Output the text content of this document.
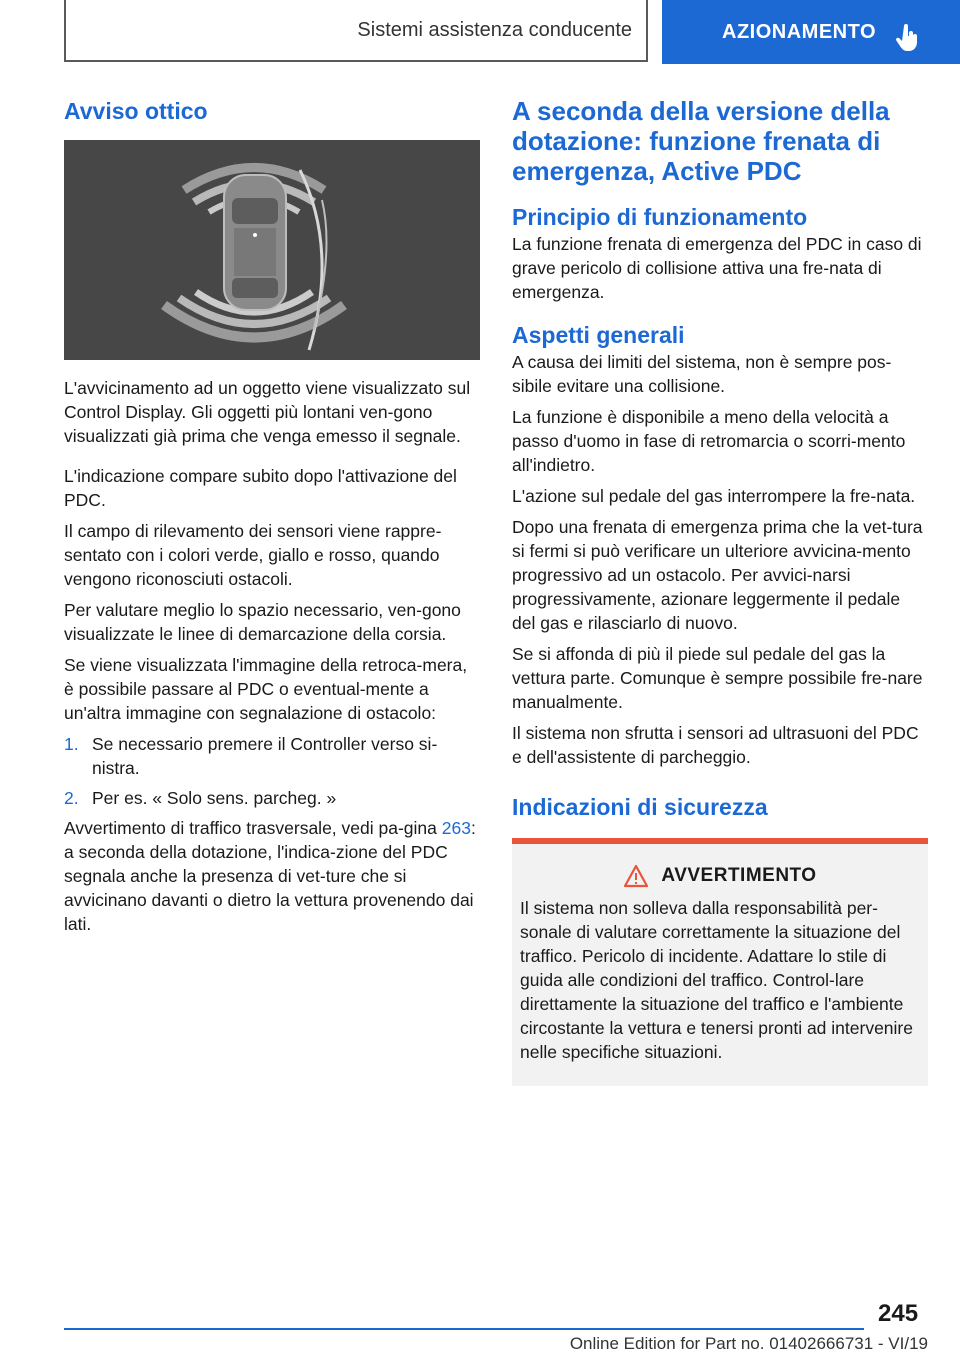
Sistemi assistenza conducente	AZIONAMENTO
Avviso ottico

L'avvicinamento ad un oggetto viene visualizzato sul Control Display. Gli oggetti più lontani ven-gono visualizzati già prima che venga emesso il segnale.

L'indicazione compare subito dopo l'attivazione del PDC.

Il campo di rilevamento dei sensori viene rappre-sentato con i colori verde, giallo e rosso, quando vengono riconosciuti ostacoli.

Per valutare meglio lo spazio necessario, ven-gono visualizzate le linee di demarcazione della corsia.

Se viene visualizzata l'immagine della retroca-mera, è possibile passare al PDC o eventual-mente a un'altra immagine con segnalazione di ostacolo:

1. Se necessario premere il Controller verso si-nistra.
2. Per es. « Solo sens. parcheg. »

Avvertimento di traffico trasversale, vedi pa-gina 263: a seconda della dotazione, l'indica-zione del PDC segnala anche la presenza di vet-ture che si avvicinano davanti o dietro la vettura provenendo dai lati.

A seconda della versione della dotazione: funzione frenata di emergenza, Active PDC
Principio di funzionamento

La funzione frenata di emergenza del PDC in caso di grave pericolo di collisione attiva una fre-nata di emergenza.

Aspetti generali

A causa dei limiti del sistema, non è sempre pos-sibile evitare una collisione.

La funzione è disponibile a meno della velocità a passo d'uomo in fase di retromarcia o scorri-mento all'indietro.

L'azione sul pedale del gas interrompere la fre-nata.

Dopo una frenata di emergenza prima che la vet-tura si fermi si può verificare un ulteriore avvicina-mento progressivo ad un ostacolo. Per avvici-narsi progressivamente, azionare leggermente il pedale del gas e rilasciarlo di nuovo.

Se si affonda di più il piede sul pedale del gas la vettura parte. Comunque è sempre possibile fre-nare manualmente.

Il sistema non sfrutta i sensori ad ultrasuoni del PDC e dell'assistente di parcheggio.

Indicazioni di sicurezza
AVVERTIMENTO

Il sistema non solleva dalla responsabilità per-sonale di valutare correttamente la situazione del traffico. Pericolo di incidente. Adattare lo stile di guida alle condizioni del traffico. Control-lare direttamente la situazione del traffico e l'ambiente circostante la vettura e tenersi pronti ad intervenire nelle specifiche situazioni.

245
Online Edition for Part no. 01402666731 - VI/19
